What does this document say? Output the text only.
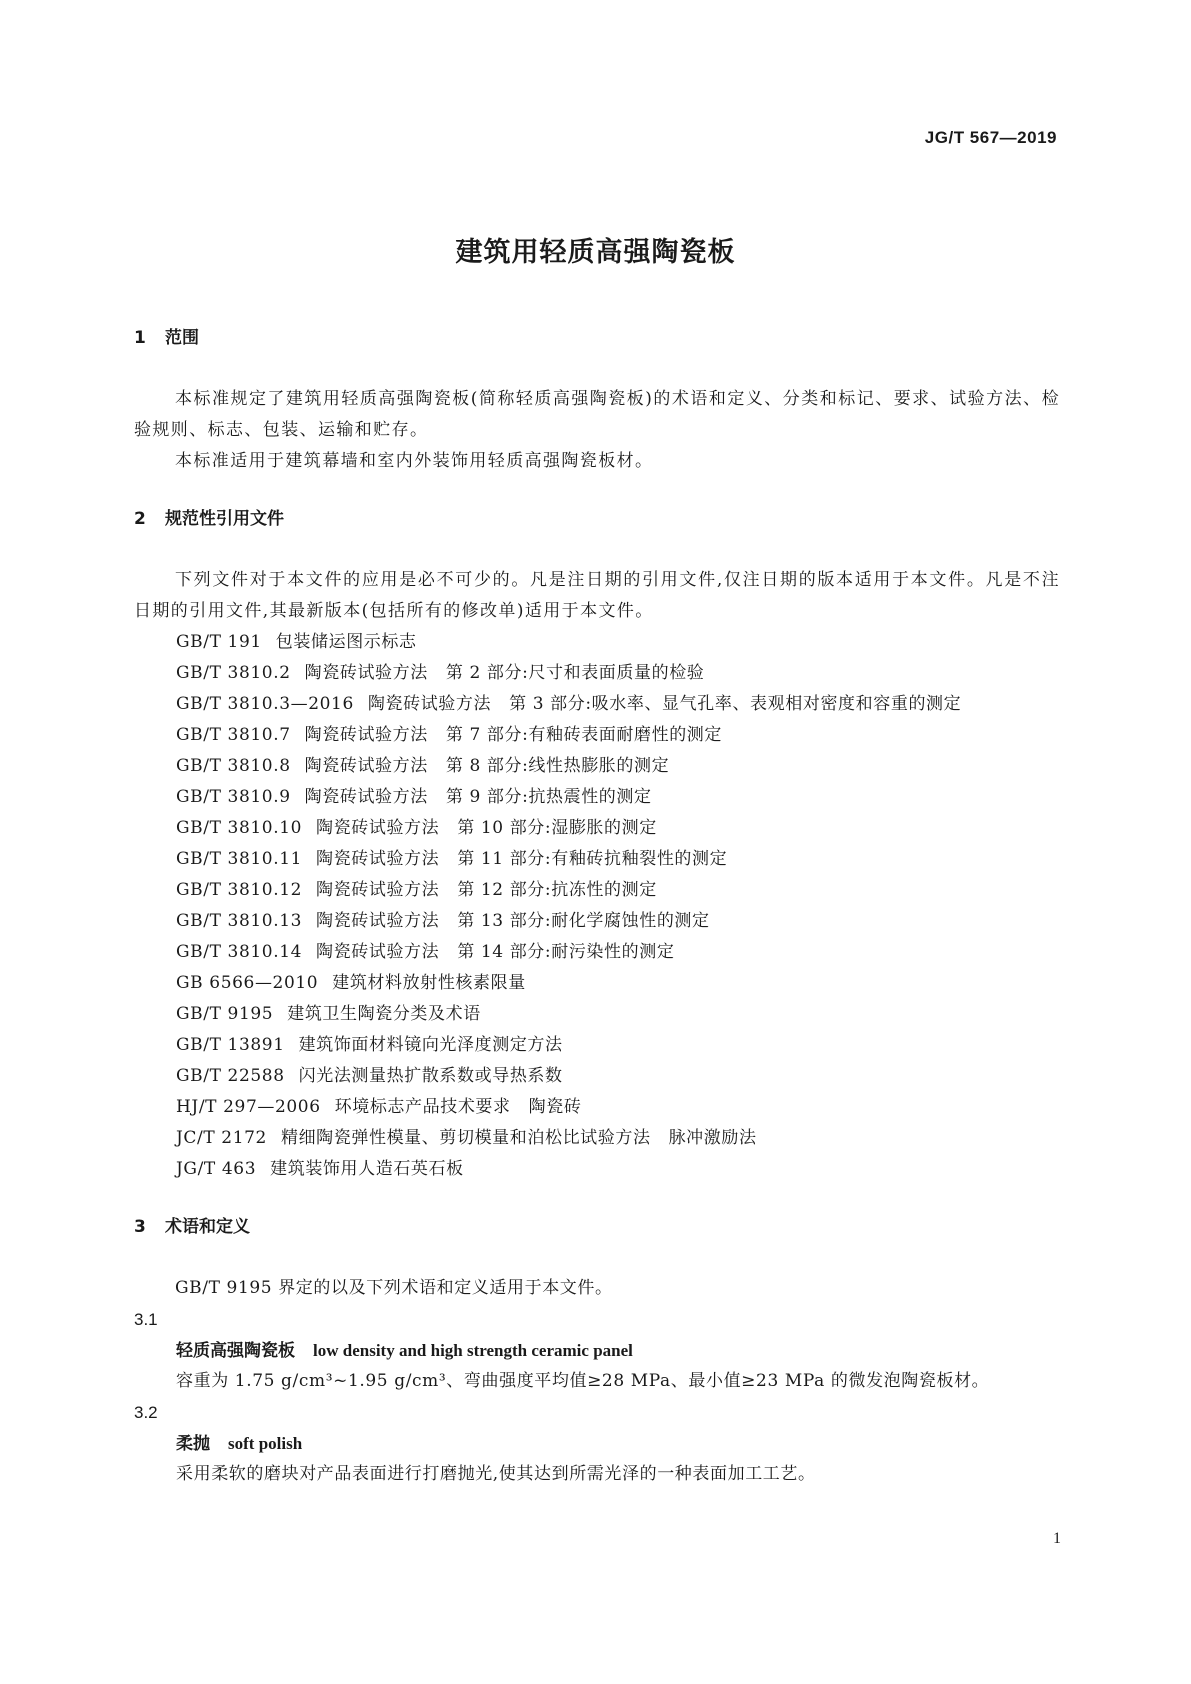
JG/T 567—2019
建筑用轻质高强陶瓷板
1 范围
本标准规定了建筑用轻质高强陶瓷板(简称轻质高强陶瓷板)的术语和定义、分类和标记、要求、试验方法、检验规则、标志、包装、运输和贮存。
本标准适用于建筑幕墙和室内外装饰用轻质高强陶瓷板材。
2 规范性引用文件
下列文件对于本文件的应用是必不可少的。凡是注日期的引用文件,仅注日期的版本适用于本文件。凡是不注日期的引用文件,其最新版本(包括所有的修改单)适用于本文件。
GB/T 191 包装储运图示标志
GB/T 3810.2 陶瓷砖试验方法 第 2 部分:尺寸和表面质量的检验
GB/T 3810.3—2016 陶瓷砖试验方法 第 3 部分:吸水率、显气孔率、表观相对密度和容重的测定
GB/T 3810.7 陶瓷砖试验方法 第 7 部分:有釉砖表面耐磨性的测定
GB/T 3810.8 陶瓷砖试验方法 第 8 部分:线性热膨胀的测定
GB/T 3810.9 陶瓷砖试验方法 第 9 部分:抗热震性的测定
GB/T 3810.10 陶瓷砖试验方法 第 10 部分:湿膨胀的测定
GB/T 3810.11 陶瓷砖试验方法 第 11 部分:有釉砖抗釉裂性的测定
GB/T 3810.12 陶瓷砖试验方法 第 12 部分:抗冻性的测定
GB/T 3810.13 陶瓷砖试验方法 第 13 部分:耐化学腐蚀性的测定
GB/T 3810.14 陶瓷砖试验方法 第 14 部分:耐污染性的测定
GB 6566—2010 建筑材料放射性核素限量
GB/T 9195 建筑卫生陶瓷分类及术语
GB/T 13891 建筑饰面材料镜向光泽度测定方法
GB/T 22588 闪光法测量热扩散系数或导热系数
HJ/T 297—2006 环境标志产品技术要求 陶瓷砖
JC/T 2172 精细陶瓷弹性模量、剪切模量和泊松比试验方法 脉冲激励法
JG/T 463 建筑装饰用人造石英石板
3 术语和定义
GB/T 9195 界定的以及下列术语和定义适用于本文件。
3.1
轻质高强陶瓷板 low density and high strength ceramic panel
容重为 1.75 g/cm³~1.95 g/cm³、弯曲强度平均值≥28 MPa、最小值≥23 MPa 的微发泡陶瓷板材。
3.2
柔抛 soft polish
采用柔软的磨块对产品表面进行打磨抛光,使其达到所需光泽的一种表面加工工艺。
1
